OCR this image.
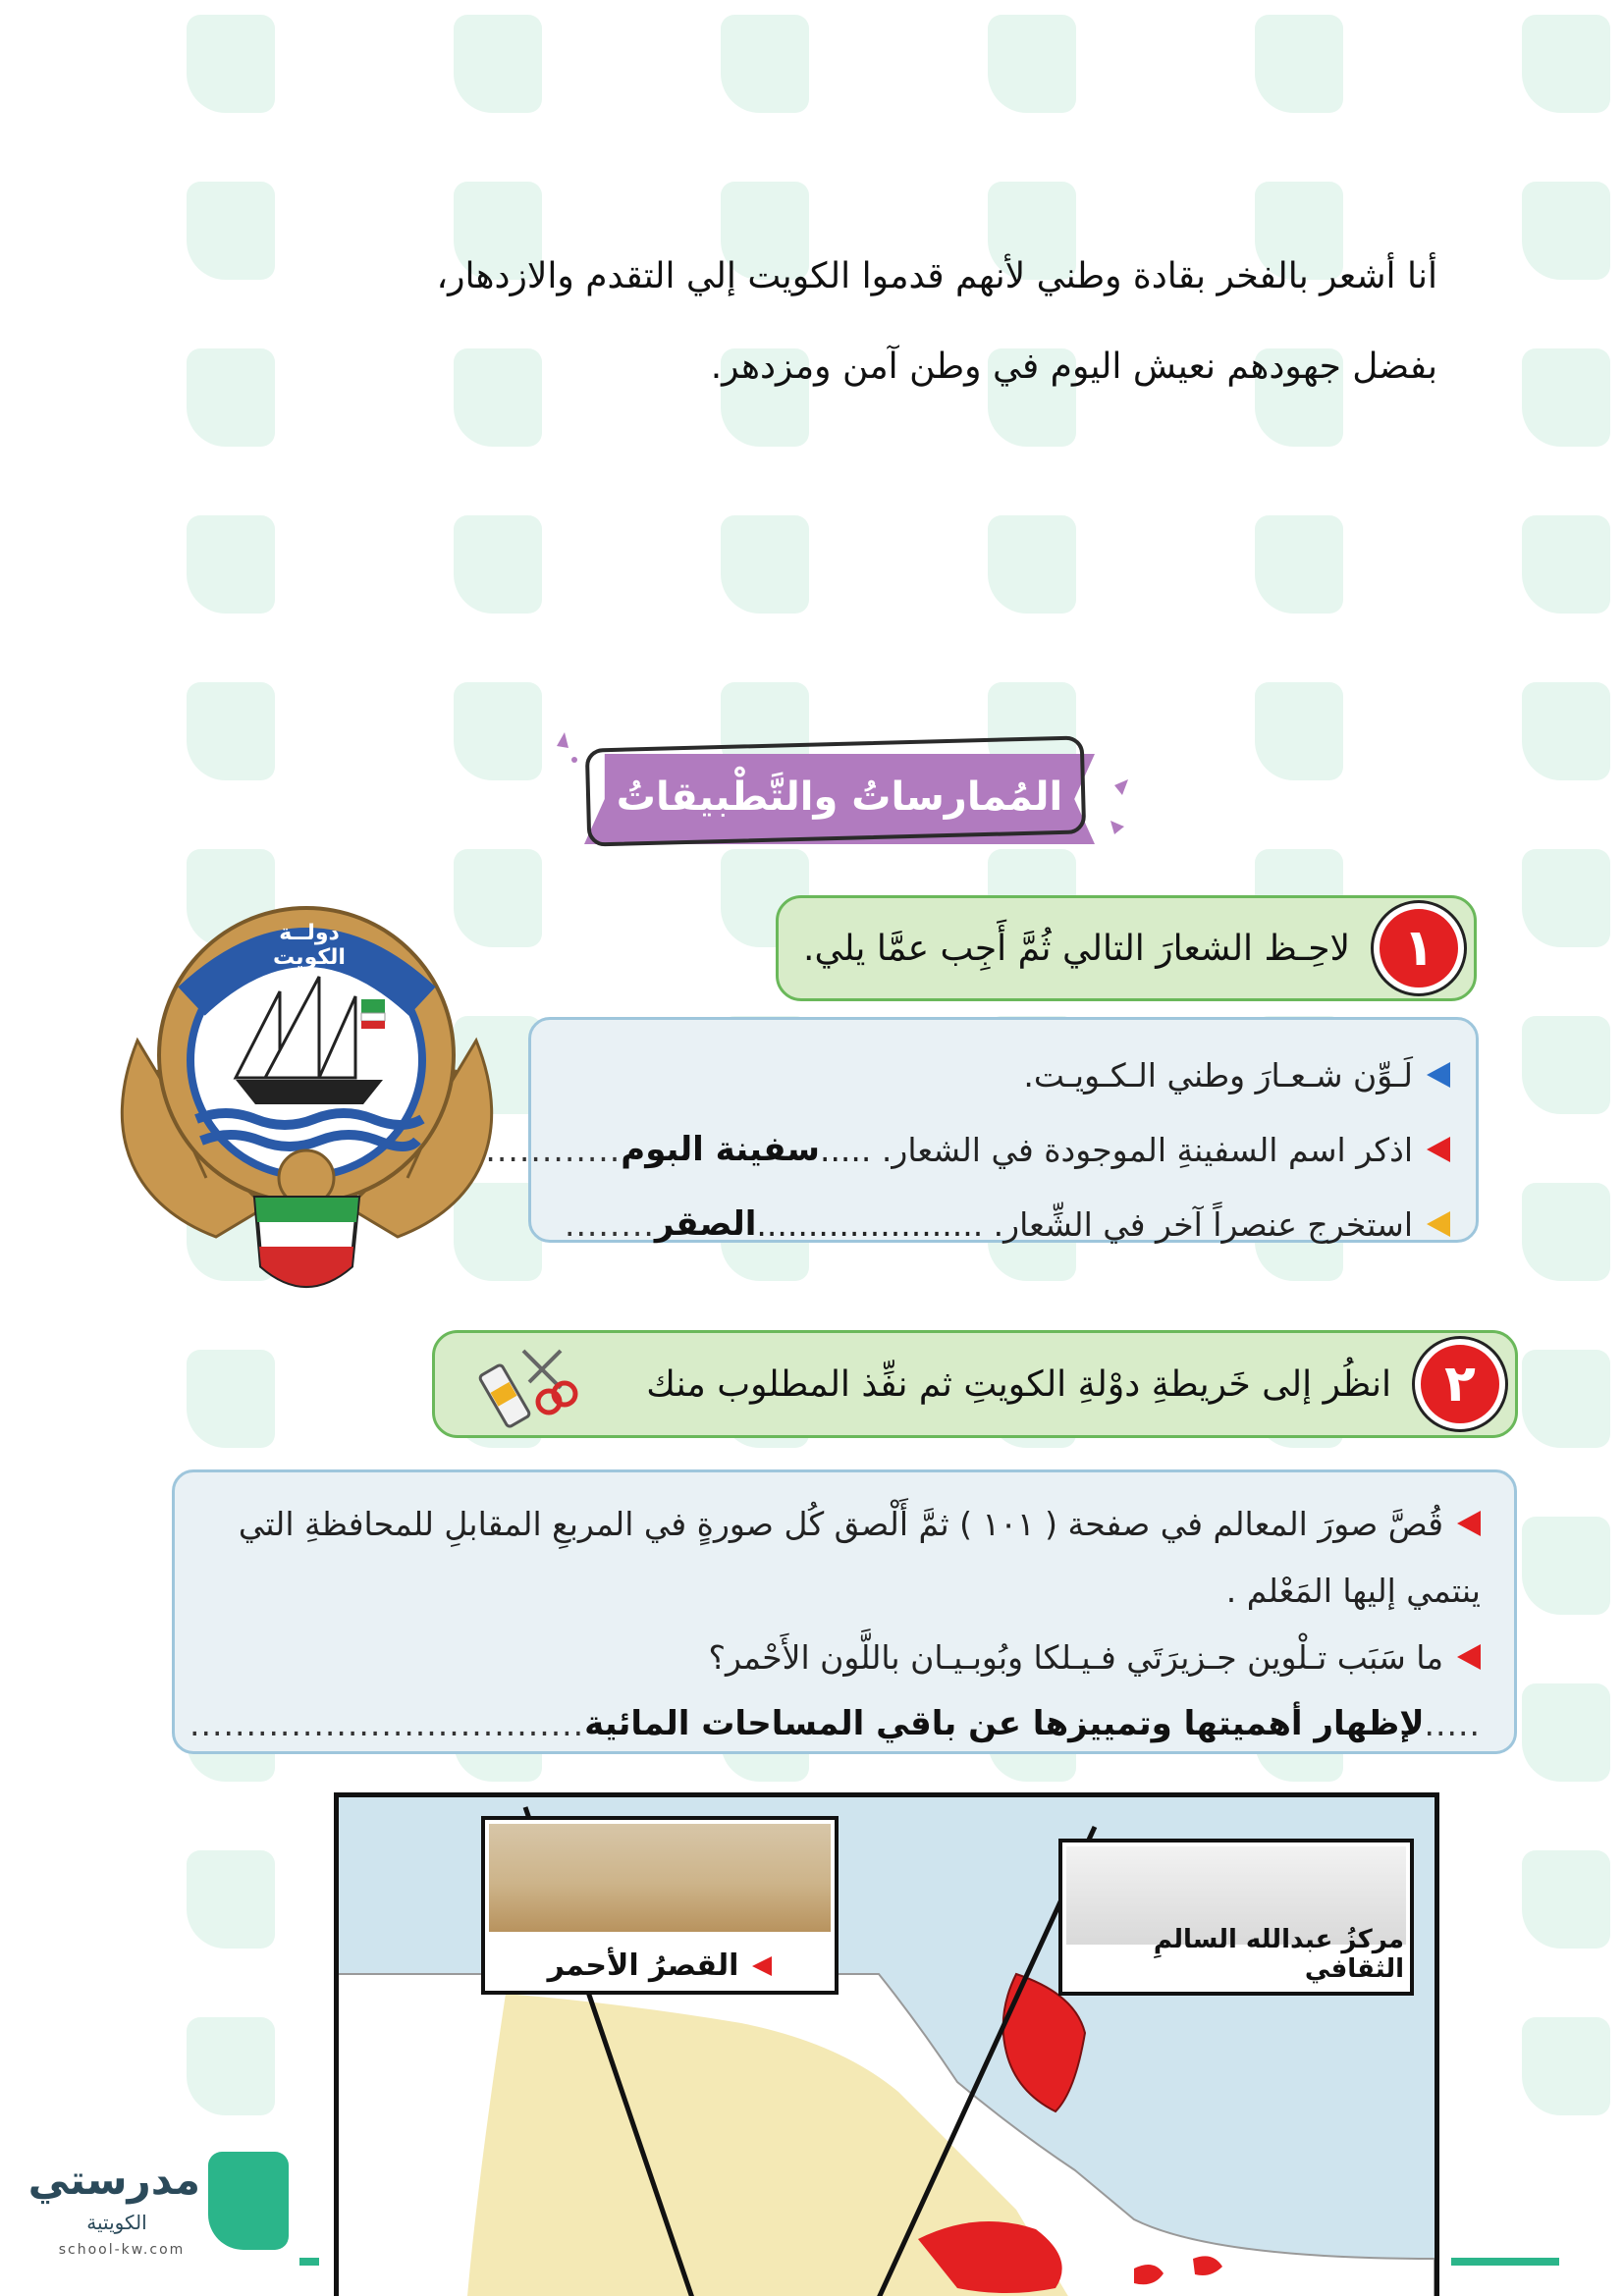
أنا أشعر بالفخر بقادة وطني لأنهم قدموا الكويت إلي التقدم والازدهار،
بفضل جهودهم نعيش اليوم في وطن آمن ومزدهر.
المُمارساتُ والتَّطْبيقاتُ
دولــة الكويت	١
لاحِـظ الشعارَ التالي ثُمَّ أَجِب عمَّا يلي.
لَـوِّن شـعـارَ وطني الـكـويـت.
اذكر اسم السفينةِ الموجودة في الشعار. .....
سفينة البوم
............
استخرج عنصراً آخر في الشِّعار. ......................
الصقر
........
٢
انظُر إلى خَريطةِ دوْلةِ الكويتِ ثم نفِّذ المطلوب منك
قُصَّ صورَ المعالم في صفحة ( ١٠١ ) ثمَّ أَلْصق كُل صورةٍ في المربعِ المقابلِ للمحافظةِ التي
ينتمي إليها المَعْلم .
ما سَبَب تـلْوين جـزيرَتَي فـيـلكا وبُوبـيـان باللَّون الأَحْمر؟
.....
لإظهار أهميتها وتمييزها عن باقي المساحات المائية
...................................
القصرُ الأحمر
مركزُ عبدالله السالمِ الثقافي
مدرستي
الكويتية
school-kw.com
